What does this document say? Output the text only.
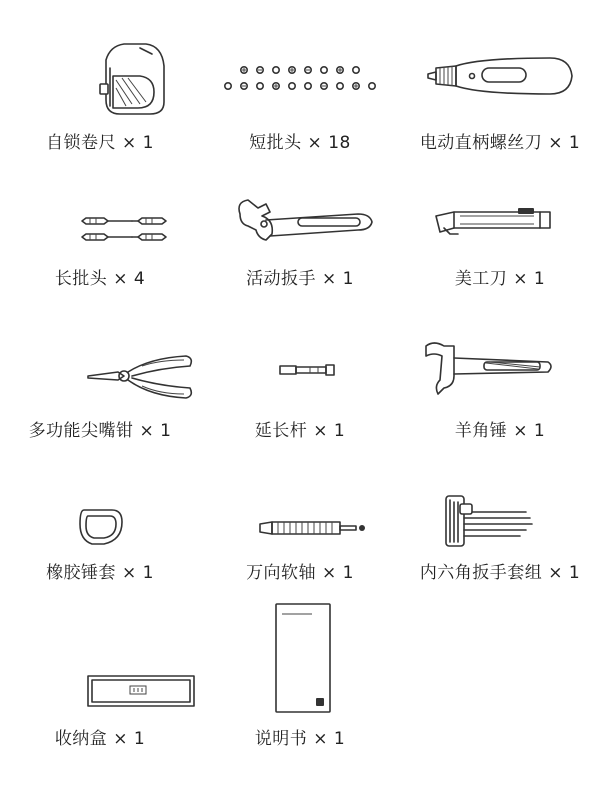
自锁卷尺 × 1	短批头 × 18	电动直柄螺丝刀 × 1
长批头 × 4	活动扳手 × 1	美工刀 × 1
多功能尖嘴钳 × 1	延长杆 × 1	羊角锤 × 1
橡胶锤套 × 1	万向软轴 × 1	内六角扳手套组 × 1
收纳盒 × 1	说明书 × 1
